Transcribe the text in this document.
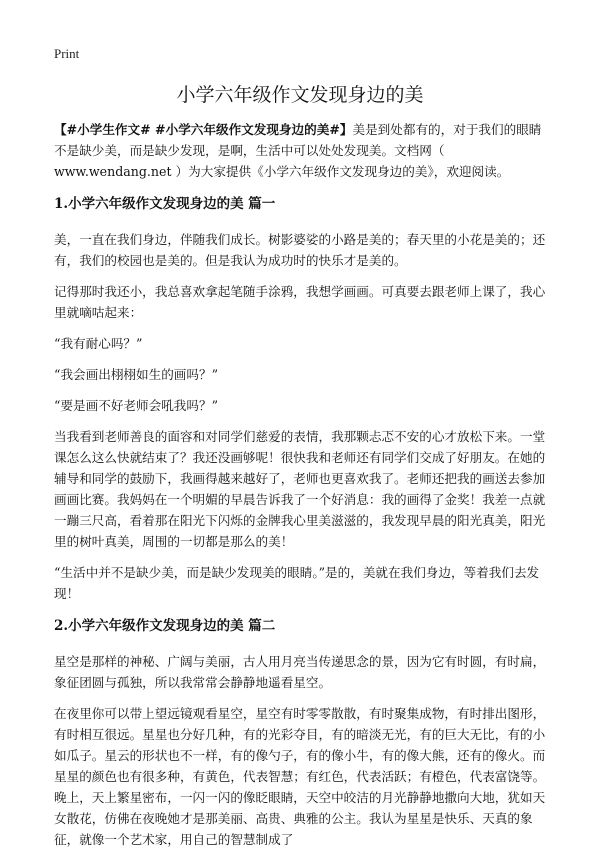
Print
小学六年级作文发现身边的美

【#小学生作文# #小学六年级作文发现身边的美#】美是到处都有的，对于我们的眼睛不是缺少美，而是缺少发现，是啊，生活中可以处处发现美。文档网（ www.wendang.net ）为大家提供《小学六年级作文发现身边的美》，欢迎阅读。

1.小学六年级作文发现身边的美 篇一

美，一直在我们身边，伴随我们成长。树影婆娑的小路是美的；春天里的小花是美的；还有，我们的校园也是美的。但是我认为成功时的快乐才是美的。

记得那时我还小，我总喜欢拿起笔随手涂鸦，我想学画画。可真要去跟老师上课了，我心里就嘀咕起来：

“我有耐心吗？”

“我会画出栩栩如生的画吗？”

“要是画不好老师会吼我吗？”

当我看到老师善良的面容和对同学们慈爱的表情，我那颗忐忑不安的心才放松下来。一堂课怎么这么快就结束了？我还没画够呢！很快我和老师还有同学们交成了好朋友。在她的辅导和同学的鼓励下，我画得越来越好了，老师也更喜欢我了。老师还把我的画送去参加画画比赛。我妈妈在一个明媚的早晨告诉我了一个好消息：我的画得了金奖！我差一点就一蹦三尺高，看着那在阳光下闪烁的金牌我心里美滋滋的，我发现早晨的阳光真美，阳光里的树叶真美，周围的一切都是那么的美！

“生活中并不是缺少美，而是缺少发现美的眼睛。”是的，美就在我们身边，等着我们去发现！

2.小学六年级作文发现身边的美 篇二

星空是那样的神秘、广阔与美丽，古人用月亮当传递思念的景，因为它有时圆，有时扁，象征团圆与孤独，所以我常常会静静地遥看星空。

在夜里你可以带上望远镜观看星空，星空有时零零散散，有时聚集成物，有时排出图形，有时相互很远。星星也分好几种，有的光彩夺目，有的暗淡无光，有的巨大无比，有的小如瓜子。星云的形状也不一样，有的像勺子，有的像小牛，有的像大熊，还有的像火。而星星的颜色也有很多种，有黄色，代表智慧；有红色，代表活跃；有橙色，代表富饶等。晚上，天上繁星密布，一闪一闪的像眨眼睛，天空中皎洁的月光静静地撒向大地，犹如天女散花，仿佛在夜晚她才是那美丽、高贵、典雅的公主。我认为星星是快乐、天真的象征，就像一个艺术家，用自己的智慧制成了
